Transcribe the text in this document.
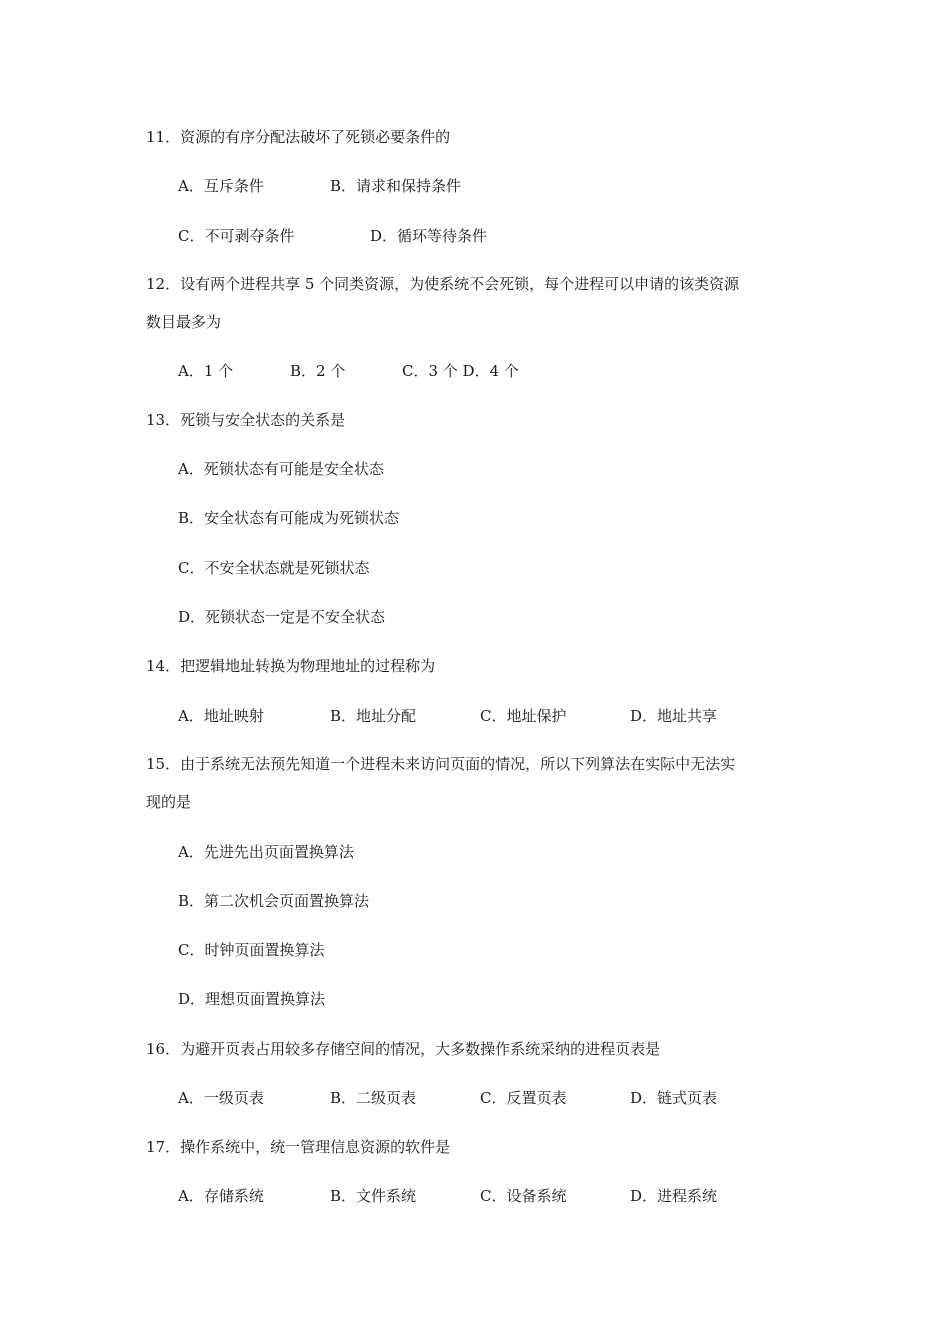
11．资源的有序分配法破坏了死锁必要条件的
A．互斥条件	B．请求和保持条件
C．不可剥夺条件	D．循环等待条件
12．设有两个进程共享 5 个同类资源，为使系统不会死锁，每个进程可以申请的该类资源
数目最多为
A．1 个	B．2 个	C．3 个 D．4 个
13．死锁与安全状态的关系是
A．死锁状态有可能是安全状态
B．安全状态有可能成为死锁状态
C．不安全状态就是死锁状态
D．死锁状态一定是不安全状态
14．把逻辑地址转换为物理地址的过程称为
A．地址映射	B．地址分配	C．地址保护	D．地址共享
15．由于系统无法预先知道一个进程未来访问页面的情况，所以下列算法在实际中无法实
现的是
A．先进先出页面置换算法
B．第二次机会页面置换算法
C．时钟页面置换算法
D．理想页面置换算法
16．为避开页表占用较多存储空间的情况，大多数操作系统采纳的进程页表是
A．一级页表	B．二级页表	C．反置页表	D．链式页表
17．操作系统中，统一管理信息资源的软件是
A．存储系统	B．文件系统	C．设备系统	D．进程系统
